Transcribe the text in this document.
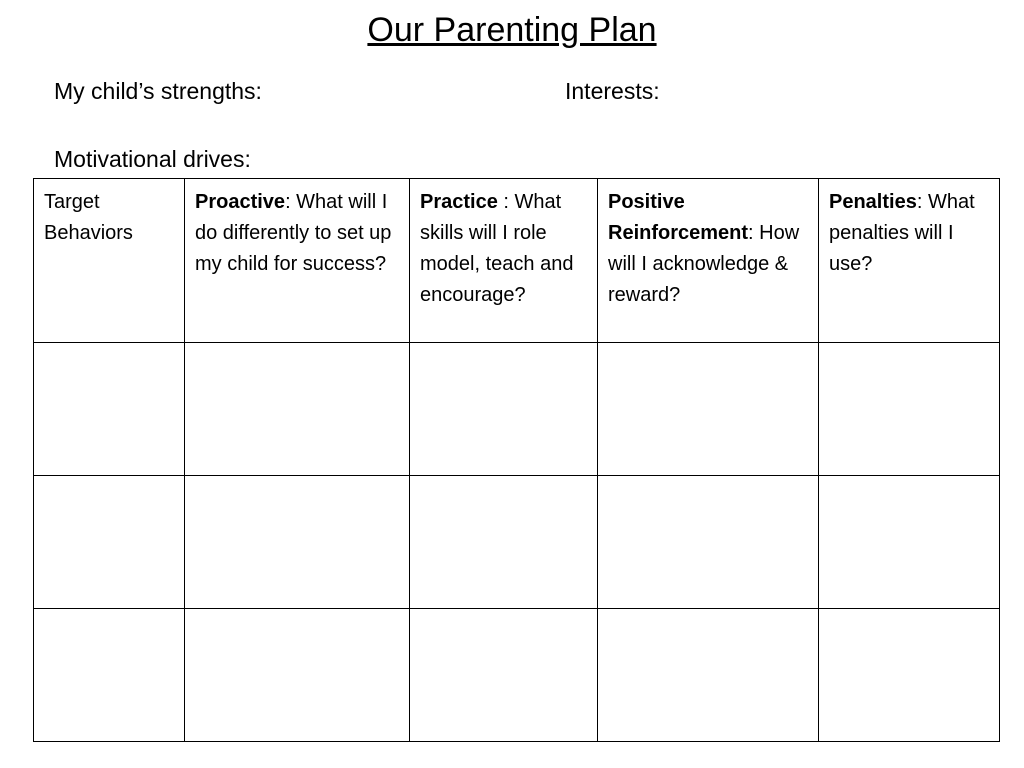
Our Parenting Plan
My child’s strengths:	Interests:
Motivational drives:
Target Behaviors	Proactive: What will I do differently to set up my child for success?	Practice : What skills will I role model, teach and encourage?	Positive Reinforcement: How will I acknowledge & reward?	Penalties: What penalties will I use?
